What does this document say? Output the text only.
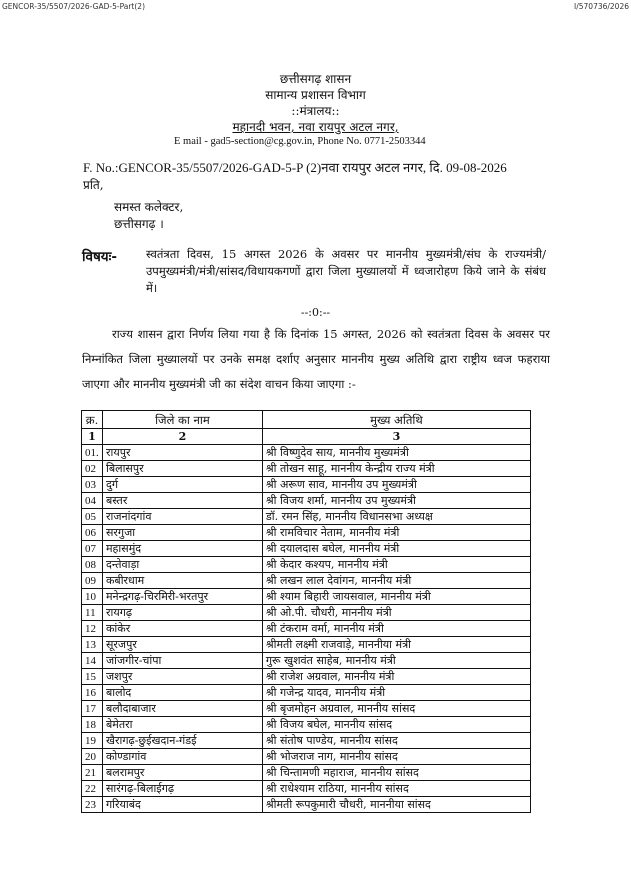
GENCOR-35/5507/2026-GAD-5-Part(2)	I/570736/2026
छत्तीसगढ़ शासन
सामान्य प्रशासन विभाग
::मंत्रालय::
महानदी भवन, नवा रायपुर अटल नगर,
E mail - gad5-section@cg.gov.in, Phone No. 0771-2503344
F. No.:GENCOR-35/5507/2026-GAD-5-P (2)नवा रायपुर अटल नगर, दि. 09-08-2026
प्रति,
समस्त कलेक्टर,
छत्तीसगढ़ ।
विषयः-	स्वतंत्रता दिवस, 15 अगस्त 2026 के अवसर पर माननीय मुख्यमंत्री/संघ के राज्यमंत्री/उपमुख्यमंत्री/मंत्री/सांसद/विधायकगणों द्वारा जिला मुख्यालयों में ध्वजारोहण किये जाने के संबंध में।
--:0:--
राज्य शासन द्वारा निर्णय लिया गया है कि दिनांक 15 अगस्त, 2026 को स्वतंत्रता दिवस के अवसर पर निम्नांकित जिला मुख्यालयों पर उनके समक्ष दर्शाए अनुसार माननीय मुख्य अतिथि द्वारा राष्ट्रीय ध्वज फहराया जाएगा और माननीय मुख्यमंत्री जी का संदेश वाचन किया जाएगा :-
क्र.	जिले का नाम	मुख्य अतिथि
1	2	3
01.	रायपुर	श्री विष्णुदेव साय, माननीय मुख्यमंत्री
02	बिलासपुर	श्री तोखन साहू, माननीय केन्द्रीय राज्य मंत्री
03	दुर्ग	श्री अरूण साव, माननीय उप मुख्यमंत्री
04	बस्तर	श्री विजय शर्मा, माननीय उप मुख्यमंत्री
05	राजनांदगांव	डॉ. रमन सिंह, माननीय विधानसभा अध्यक्ष
06	सरगुजा	श्री रामविचार नेताम, माननीय मंत्री
07	महासमुंद	श्री दयालदास बघेल, माननीय मंत्री
08	दन्तेवाड़ा	श्री केदार कश्यप, माननीय मंत्री
09	कबीरधाम	श्री लखन लाल देवांगन, माननीय मंत्री
10	मनेन्द्रगढ़-चिरमिरी-भरतपुर	श्री श्याम बिहारी जायसवाल, माननीय मंत्री
11	रायगढ़	श्री ओ.पी. चौधरी, माननीय मंत्री
12	कांकेर	श्री टंकराम वर्मा, माननीय मंत्री
13	सूरजपुर	श्रीमती लक्ष्मी राजवाड़े, माननीया मंत्री
14	जांजगीर-चांपा	गुरू खुशवंत साहेब, माननीय मंत्री
15	जशपुर	श्री राजेश अग्रवाल, माननीय मंत्री
16	बालोद	श्री गजेन्द्र यादव, माननीय मंत्री
17	बलौदाबाजार	श्री बृजमोहन अग्रवाल, माननीय सांसद
18	बेमेतरा	श्री विजय बघेल, माननीय सांसद
19	खैरागढ़-छुईखदान-गंडई	श्री संतोष पाण्डेय, माननीय सांसद
20	कोण्डागांव	श्री भोजराज नाग, माननीय सांसद
21	बलरामपुर	श्री चिन्तामणी महाराज, माननीय सांसद
22	सारंगढ़-बिलाईगढ़	श्री राधेश्याम राठिया, माननीय सांसद
23	गरियाबंद	श्रीमती रूपकुमारी चौधरी, माननीया सांसद
